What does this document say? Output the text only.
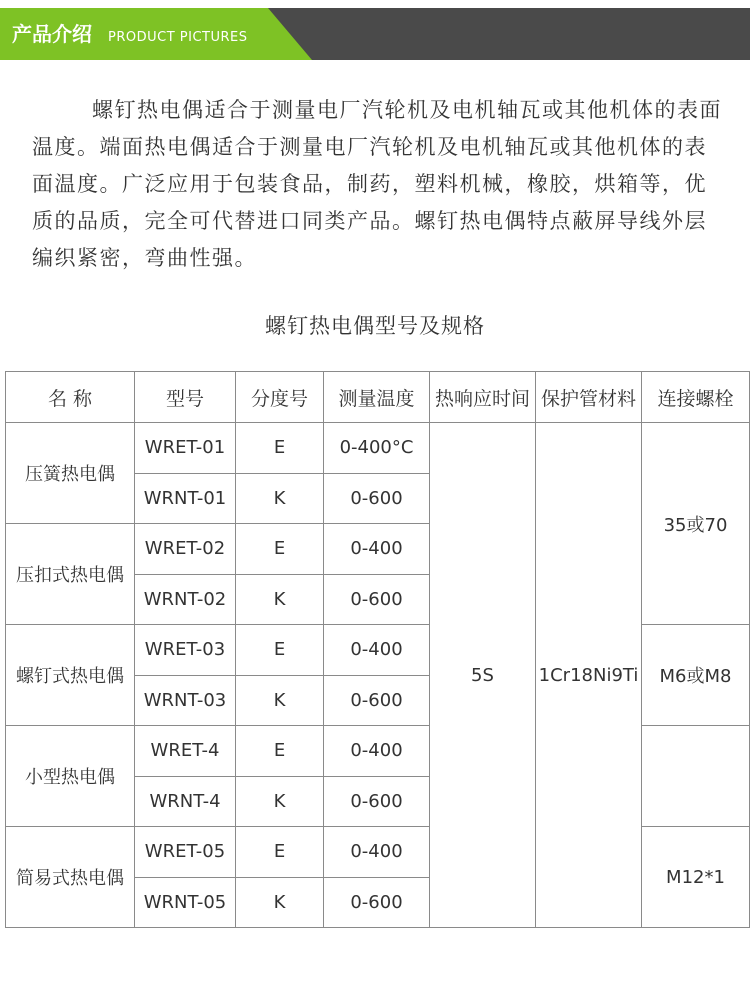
产品介绍 PRODUCT PICTURES
螺钉热电偶适合于测量电厂汽轮机及电机轴瓦或其他机体的表面温度。端面热电偶适合于测量电厂汽轮机及电机轴瓦或其他机体的表面温度。广泛应用于包装食品，制药，塑料机械，橡胶，烘箱等，优质的品质，完全可代替进口同类产品。螺钉热电偶特点蔽屏导线外层编织紧密，弯曲性强。
螺钉热电偶型号及规格
名 称	型号	分度号	测量温度	热响应时间	保护管材料	连接螺栓
压簧热电偶	WRET-01	E	0-400°C	5S	1Cr18Ni9Ti	35或70
	WRNT-01	K	0-600			
压扣式热电偶	WRET-02	E	0-400			
	WRNT-02	K	0-600			
螺钉式热电偶	WRET-03	E	0-400			M6或M8
	WRNT-03	K	0-600			
小型热电偶	WRET-4	E	0-400			
	WRNT-4	K	0-600			
简易式热电偶	WRET-05	E	0-400			M12*1
	WRNT-05	K	0-600			
